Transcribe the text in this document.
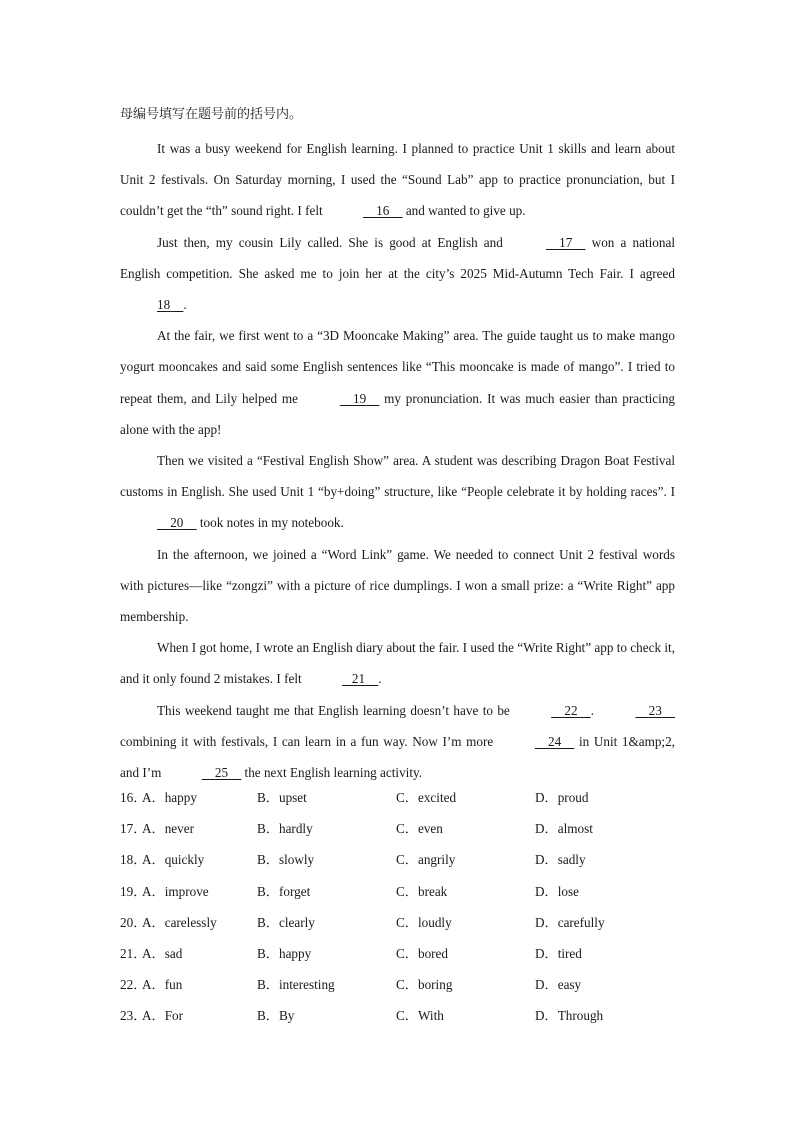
母编号填写在题号前的括号内。

It was a busy weekend for English learning. I planned to practice Unit 1 skills and learn about Unit 2 festivals. On Saturday morning, I used the “Sound Lab” app to practice pronunciation, but I couldn’t get the “th” sound right. I felt	16     and wanted to give up.

Just then, my cousin Lily called. She is good at English and	17     won a national English competition. She asked me to join her at the city’s 2025 Mid-Autumn Tech Fair. I agreed 18 .

At the fair, we first went to a “3D Mooncake Making” area. The guide taught us to make mango yogurt mooncakes and said some English sentences like “This mooncake is made of mango”. I tried to repeat them, and Lily helped me	19     my pronunciation. It was much easier than practicing alone with the app!

Then we visited a “Festival English Show” area. A student was describing Dragon Boat Festival customs in English. She used Unit 1 “by+doing” structure, like “People celebrate it by holding races”. I     20     took notes in my notebook.

In the afternoon, we joined a “Word Link” game. We needed to connect Unit 2 festival words with pictures—like “zongzi” with a picture of rice dumplings. I won a small prize: a “Write Right” app membership.

When I got home, I wrote an English diary about the fair. I used the “Write Right” app to check it, and it only found 2 mistakes. I felt	21 .

This weekend taught me that English learning doesn’t have to be	22 .	23     combining it with festivals, I can learn in a fun way. Now I’m more	24     in Unit 1&amp;2, and I’m	25     the next English learning activity.

16．
A．happy	B．upset	C．excited	D．proud
17．
A．never	B．hardly	C．even	D．almost
18．
A．quickly	B．slowly	C．angrily	D．sadly
19．
A．improve	B．forget	C．break	D．lose
20．
A．carelessly	B．clearly	C．loudly	D．carefully
21．
A．sad	B．happy	C．bored	D．tired
22．
A．fun	B．interesting	C．boring	D．easy
23．
A．For	B．By	C．With	D．Through
